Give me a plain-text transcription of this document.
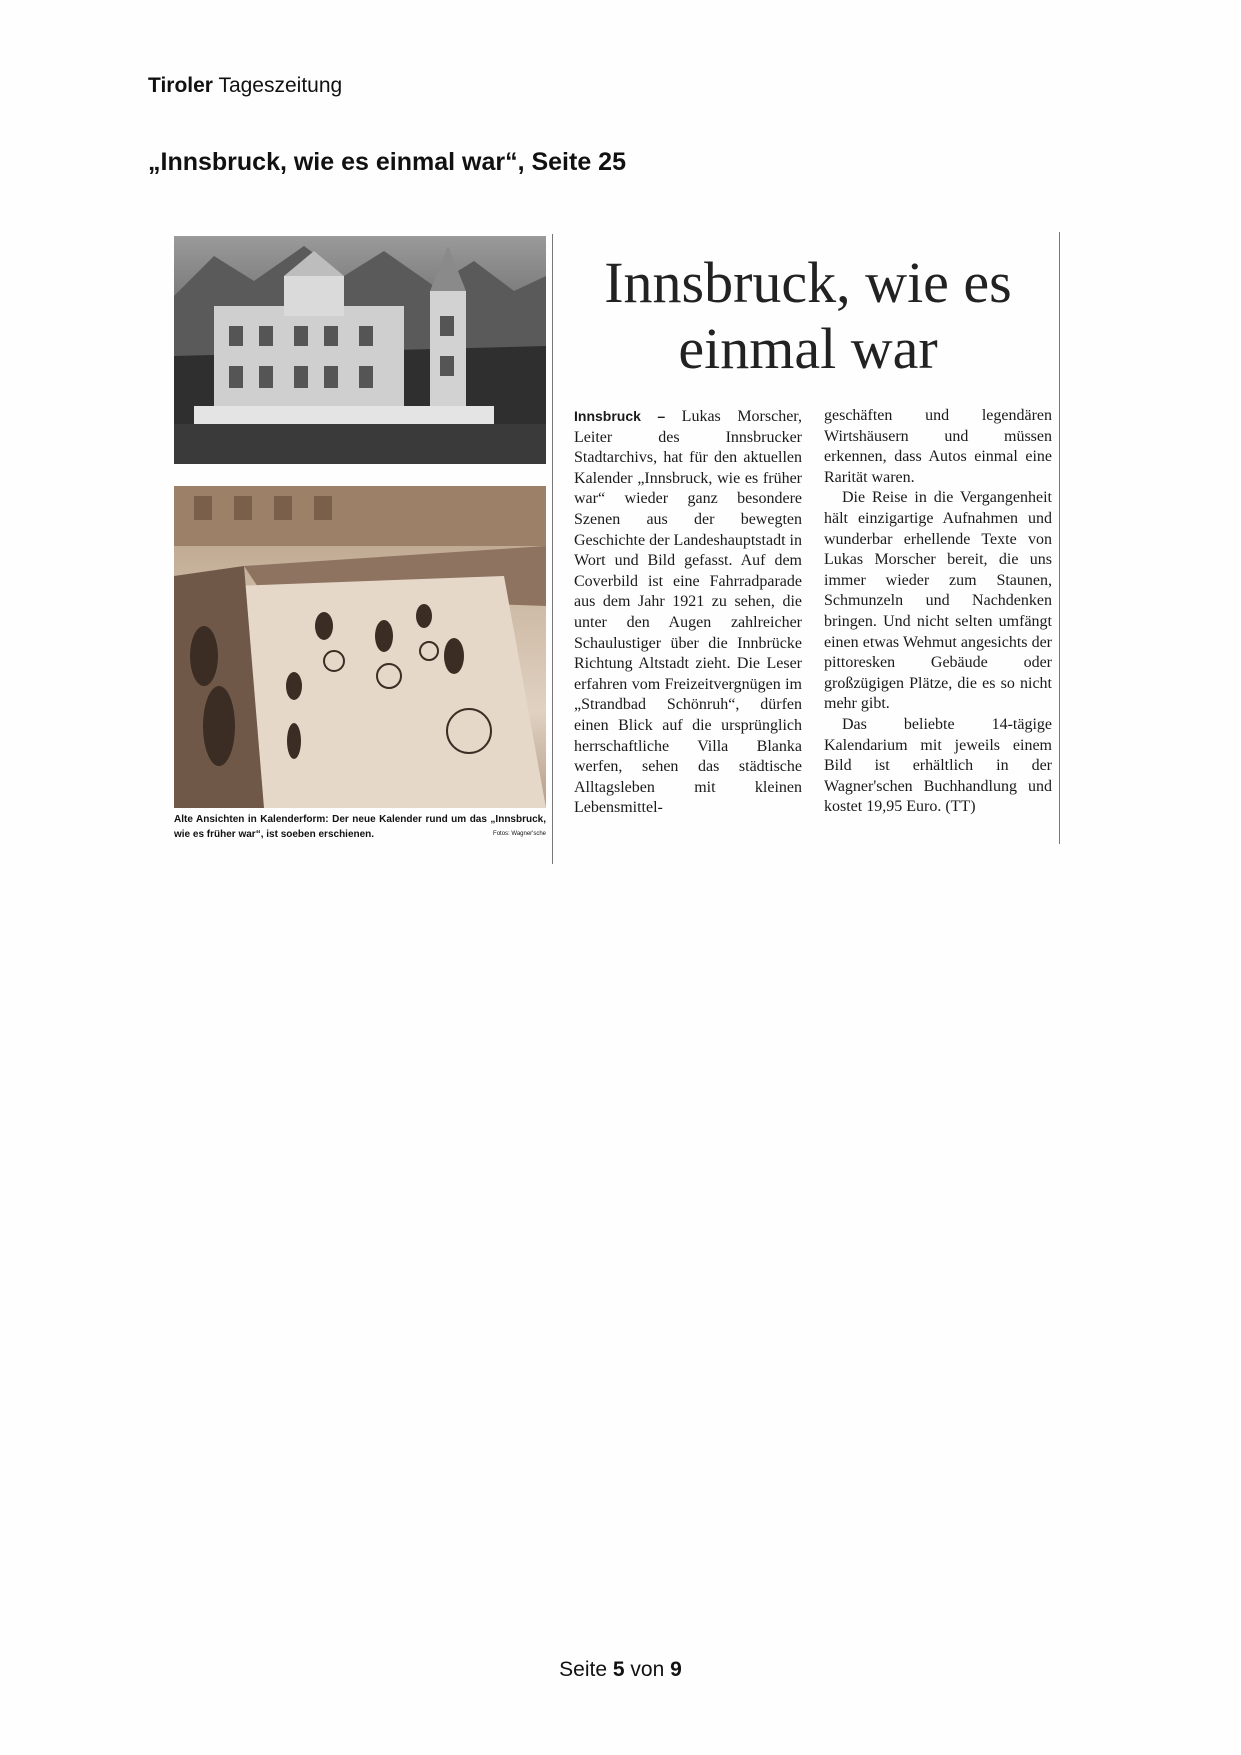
Tiroler Tageszeitung
„Innsbruck, wie es einmal war“, Seite 25
Alte Ansichten in Kalenderform: Der neue Kalender rund um das „Innsbruck, wie es früher war“, ist soeben erschienen.	Fotos: Wagner'sche
Innsbruck, wie es
einmal war

Innsbruck – Lukas Morscher, Leiter des Innsbrucker Stadtarchivs, hat für den aktuellen Kalender „Innsbruck, wie es früher war“ wieder ganz besondere Szenen aus der bewegten Geschichte der Landeshauptstadt in Wort und Bild gefasst. Auf dem Coverbild ist eine Fahrradparade aus dem Jahr 1921 zu sehen, die unter den Augen zahlreicher Schaulustiger über die Innbrücke Richtung Altstadt zieht. Die Leser erfahren vom Freizeitvergnügen im „Strandbad Schönruh“, dürfen einen Blick auf die ursprünglich herrschaftliche Villa Blanka werfen, sehen das städtische Alltagsleben mit kleinen Lebensmittel-

geschäften und legendären Wirtshäusern und müssen erkennen, dass Autos einmal eine Rarität waren.

Die Reise in die Vergangenheit hält einzigartige Aufnahmen und wunderbar erhellende Texte von Lukas Morscher bereit, die uns immer wieder zum Staunen, Schmunzeln und Nachdenken bringen. Und nicht selten umfängt einen etwas Wehmut angesichts der pittoresken Gebäude oder großzügigen Plätze, die es so nicht mehr gibt.

Das beliebte 14-tägige Kalendarium mit jeweils einem Bild ist erhältlich in der Wagner'schen Buchhandlung und kostet 19,95 Euro. (TT)

Seite 5 von 9
